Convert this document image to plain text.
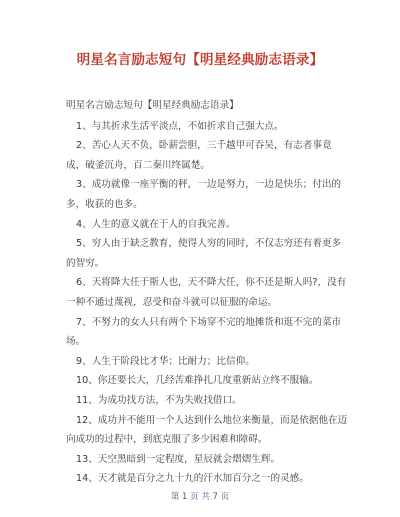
明星名言励志短句【明星经典励志语录】

明星名言励志短句【明星经典励志语录】

1、与其折求生活平淡点，不如折求自己强大点。

2、苦心人天不负，卧薪尝胆，三千越甲可吞吴，有志者事竟成，破釜沉舟，百二秦川终属楚。

3、成功就像一座平衡的秤，一边是努力，一边是快乐；付出的多，收获的也多。

4、人生的意义就在于人的自我完善。

5、穷人由于缺乏教育，使得人穷的同时，不仅志穷还有着更多的智穷。

6、天将降大任于斯人也，天不降大任，你不还是斯人吗?，没有一种不通过蔑视，忍受和奋斗就可以征服的命运。

7、不努力的女人只有两个下场穿不完的地摊货和逛不完的菜市场。

9、人生于阶段比才华；比耐力；比信仰。

10、你还要长大，几经苦难挣扎几度重新站立终不服输。

11、为成功找方法，不为失败找借口。

12、成功并不能用一个人达到什么地位来衡量，而是依据他在迈向成功的过程中，到底克服了多少困难和障碍。

13、天空黑暗到一定程度，星辰就会熠熠生辉。

14、天才就是百分之九十九的汗水加百分之一的灵感。

第 1 页 共 7 页
